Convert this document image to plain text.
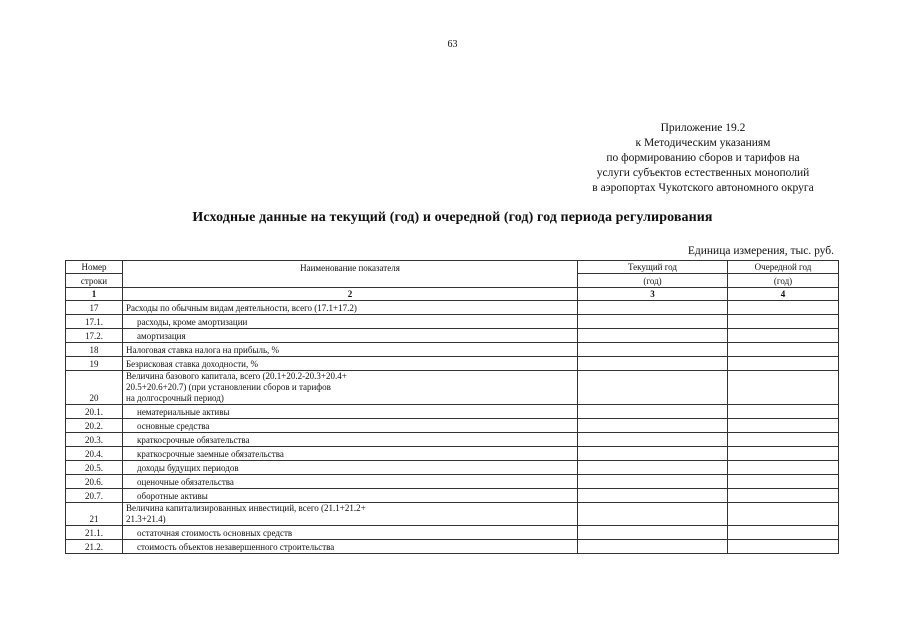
63
Приложение 19.2
к Методическим указаниям
по формированию сборов и тарифов на
услуги субъектов естественных монополий
в аэропортах Чукотского автономного округа
Исходные данные на текущий (год) и очередной (год) год периода регулирования
Единица измерения, тыс. руб.
Номер	Наименование показателя	Текущий год	Очередной год

строки		(год)	(год)
1	2	3	4
17	Расходы по обычным видам деятельности, всего (17.1+17.2)		

17.1.	расходы, кроме амортизации		

17.2.	амортизация		

18	Налоговая ставка налога на прибыль, %		

19	Безрисковая ставка доходности, %		

20	Величина базового капитала, всего (20.1+20.2-20.3+20.4+
20.5+20.6+20.7) (при установлении сборов и тарифов
на долгосрочный период)		

20.1.	нематериальные активы		

20.2.	основные средства		

20.3.	краткосрочные обязательства		

20.4.	краткосрочные заемные обязательства		

20.5.	доходы будущих периодов		

20.6.	оценочные обязательства		

20.7.	оборотные активы		

21	Величина капитализированных инвестиций, всего (21.1+21.2+
21.3+21.4)		

21.1.	остаточная стоимость основных средств		

21.2.	стоимость объектов незавершенного строительства		
